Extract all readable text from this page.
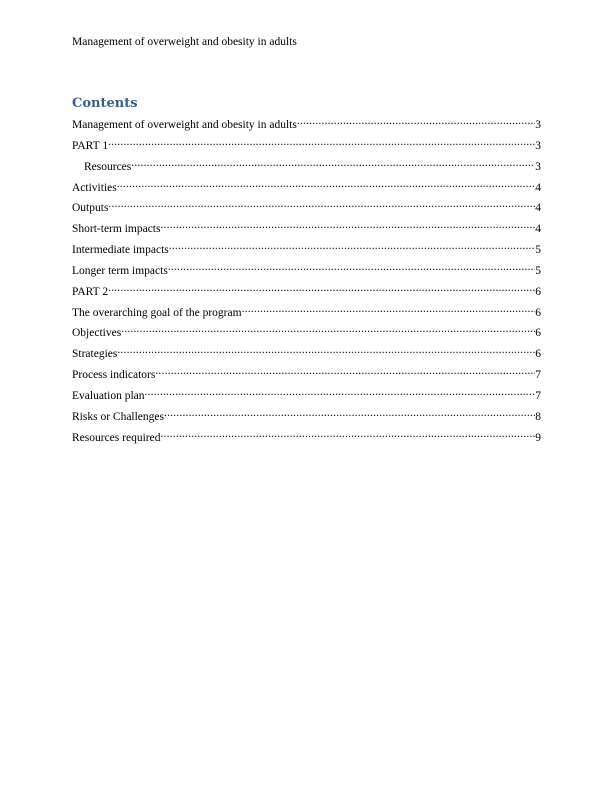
Management of overweight and obesity in adults
Contents
Management of overweight and obesity in adults .....	3
PART 1 .....	3
Resources .....	3
Activities .....	4
Outputs .....	4
Short-term impacts .....	4
Intermediate impacts .....	5
Longer term impacts .....	5
PART 2 .....	6
The overarching goal of the program .....	6
Objectives .....	6
Strategies .....	6
Process indicators .....	7
Evaluation plan .....	7
Risks or Challenges .....	8
Resources required .....	9
